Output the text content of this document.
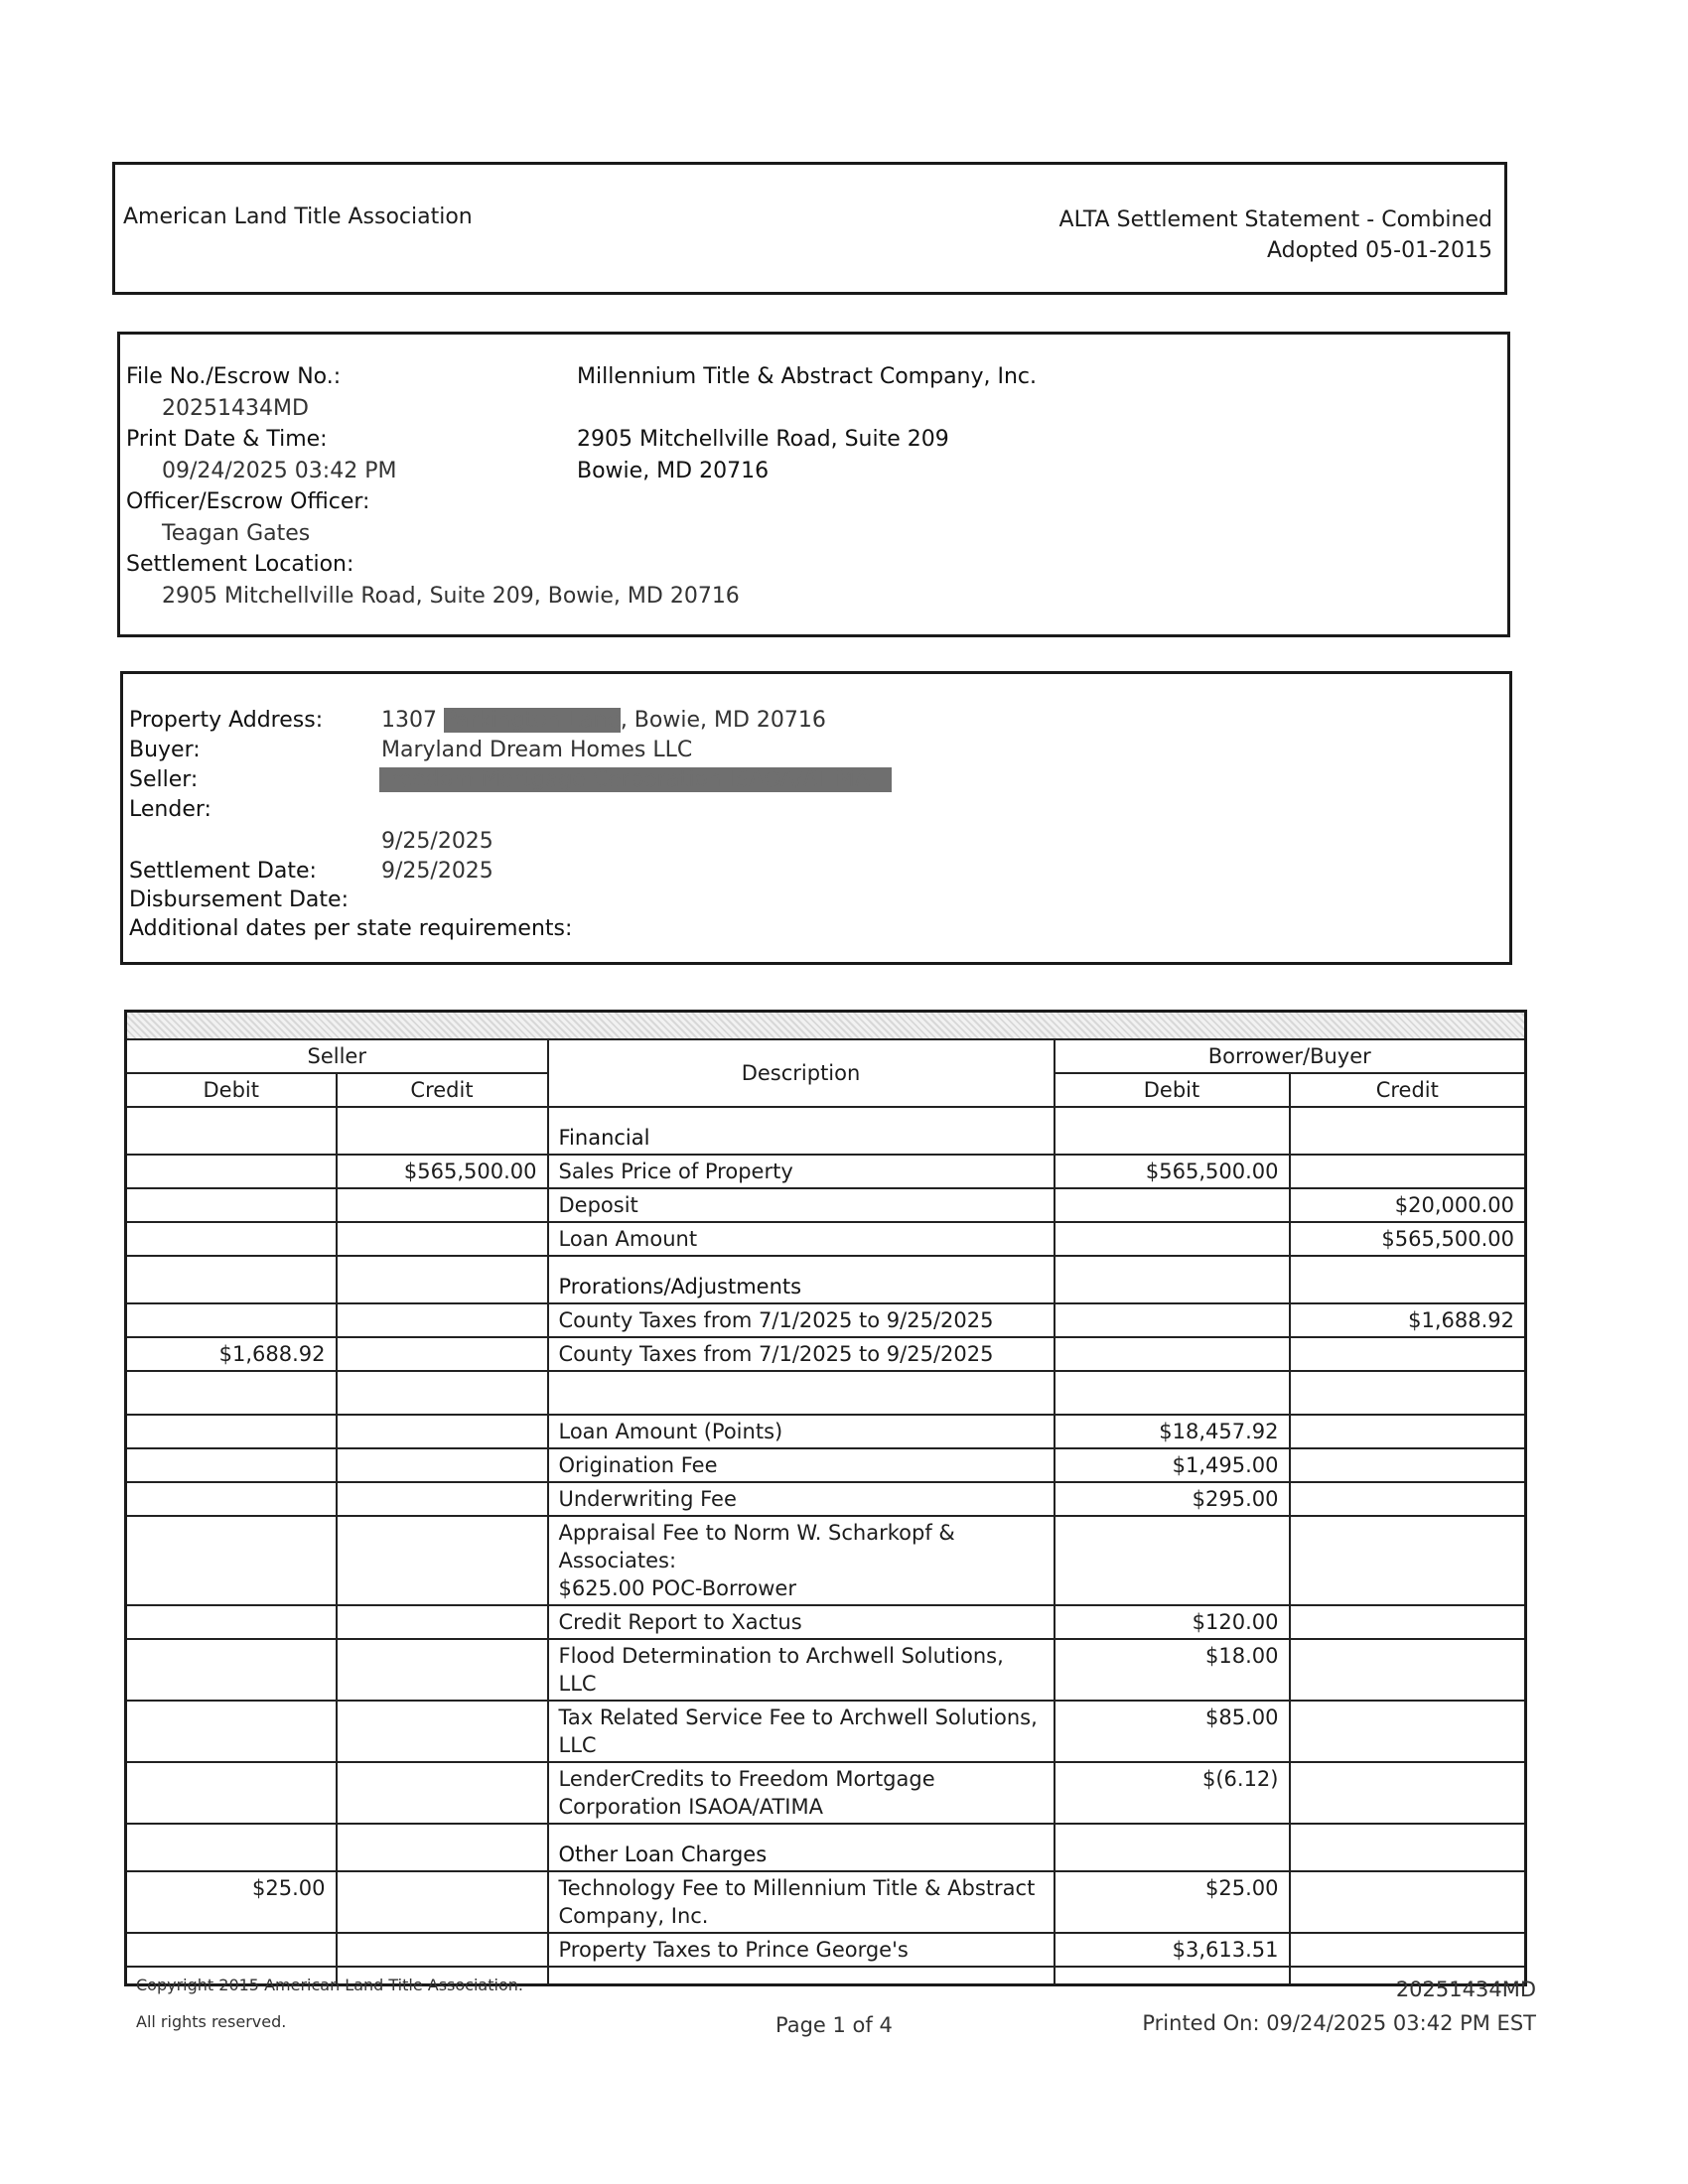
American Land Title Association	ALTA Settlement Statement - Combined
Adopted 05-01-2015
File No./Escrow No.:
20251434MD
Print Date & Time:
09/24/2025 03:42 PM
Officer/Escrow Officer:
Teagan Gates
Settlement Location:
2905 Mitchellville Road, Suite 209, Bowie, MD 20716
Millennium Title & Abstract Company, Inc.
2905 Mitchellville Road, Suite 209
Bowie, MD 20716
Property Address:	1307 Parkington Lane, Bowie, MD 20716
Buyer:	Maryland Dream Homes LLC
Seller:	Freedom Mortgage Corporation ISAOA/ATIMA
Lender:
9/25/2025
Settlement Date:	9/25/2025
Disbursement Date:
Additional dates per state requirements:

Seller		Description	Borrower/Buyer	
Debit	Credit		Debit	Credit
		Financial		
	$565,500.00	Sales Price of Property	$565,500.00	

		Deposit		$20,000.00

		Loan Amount		$565,500.00
		Prorations/Adjustments		

		County Taxes from 7/1/2025 to 9/25/2025		$1,688.92
$1,688.92		County Taxes from 7/1/2025 to 9/25/2025		

		Loan Amount (Points)	$18,457.92	

		Origination Fee	$1,495.00	

		Underwriting Fee	$295.00	

		Appraisal Fee to Norm W. Scharkopf & Associates:
$625.00 POC-Borrower		

		Credit Report to Xactus	$120.00	

		Flood Determination to Archwell Solutions, LLC	$18.00	

		Tax Related Service Fee to Archwell Solutions, LLC	$85.00	

		LenderCredits to Freedom Mortgage Corporation ISAOA/ATIMA	$(6.12)	
		Other Loan Charges		
$25.00		Technology Fee to Millennium Title & Abstract Company, Inc.	$25.00	

		Property Taxes to Prince George's	$3,613.51	

Copyright 2015 American Land Title Association.
All rights reserved.	Page 1 of 4
20251434MD
Printed On: 09/24/2025 03:42 PM EST
